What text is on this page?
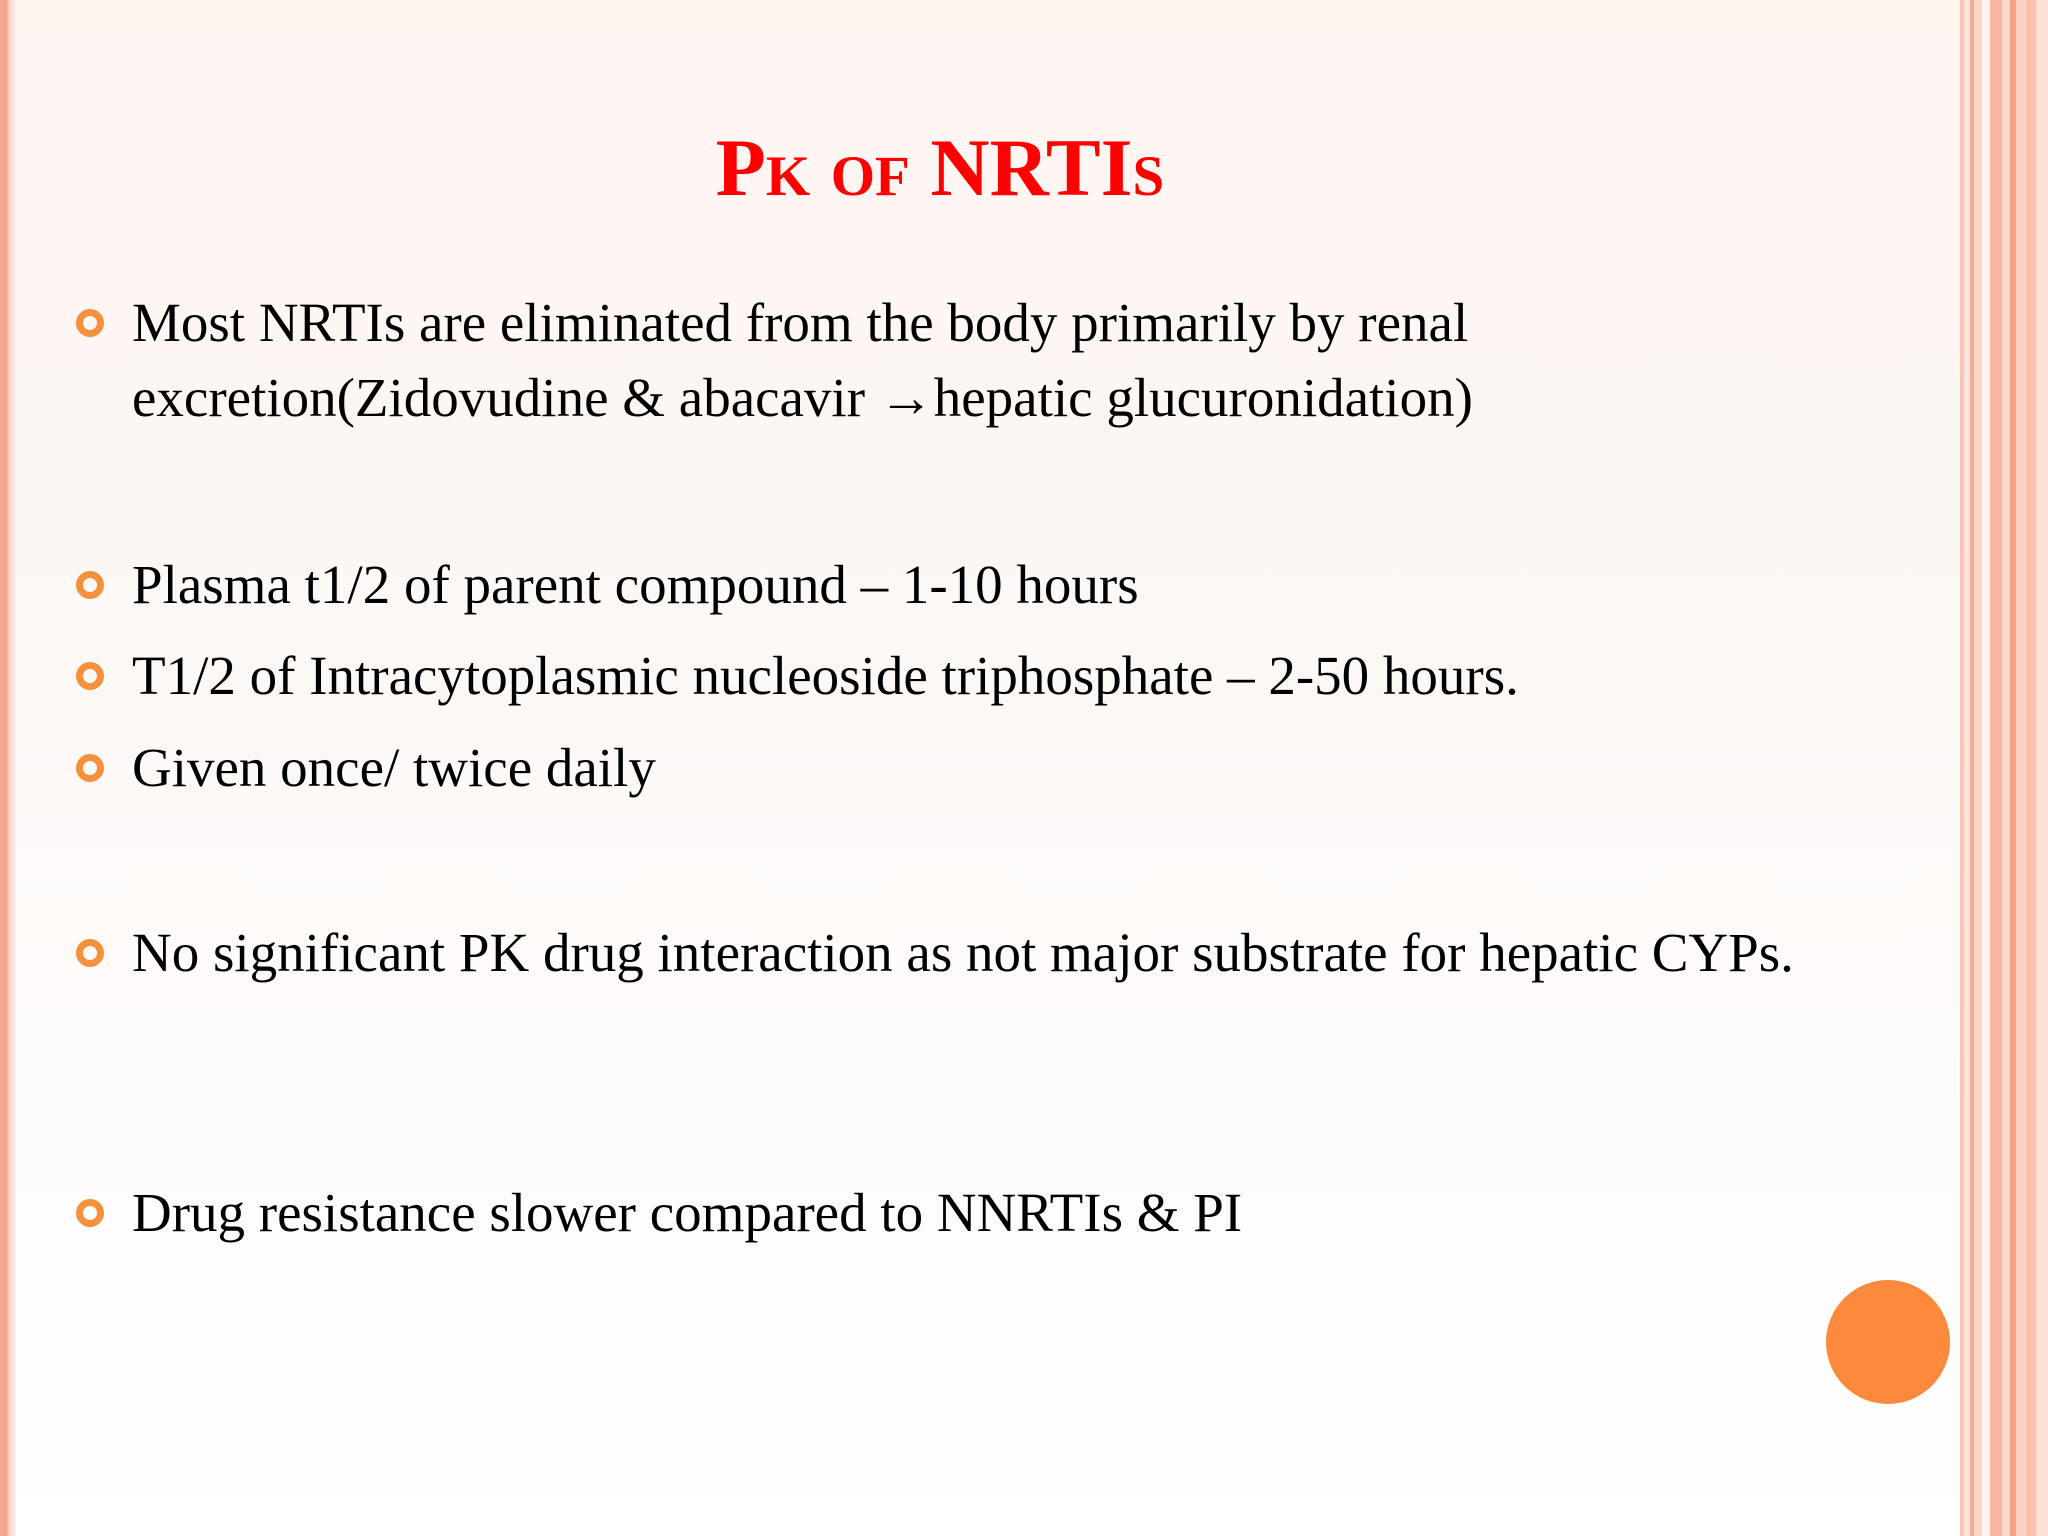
Pk of NRTIs
Most NRTIs are eliminated from the body primarily by renal excretion(Zidovudine & abacavir →hepatic glucuronidation)
Plasma t1/2 of parent compound – 1-10 hours
T1/2 of Intracytoplasmic nucleoside triphosphate – 2-50 hours.
Given once/ twice daily
No significant PK drug interaction as not major substrate for hepatic CYPs.
Drug resistance slower compared to NNRTIs & PI
